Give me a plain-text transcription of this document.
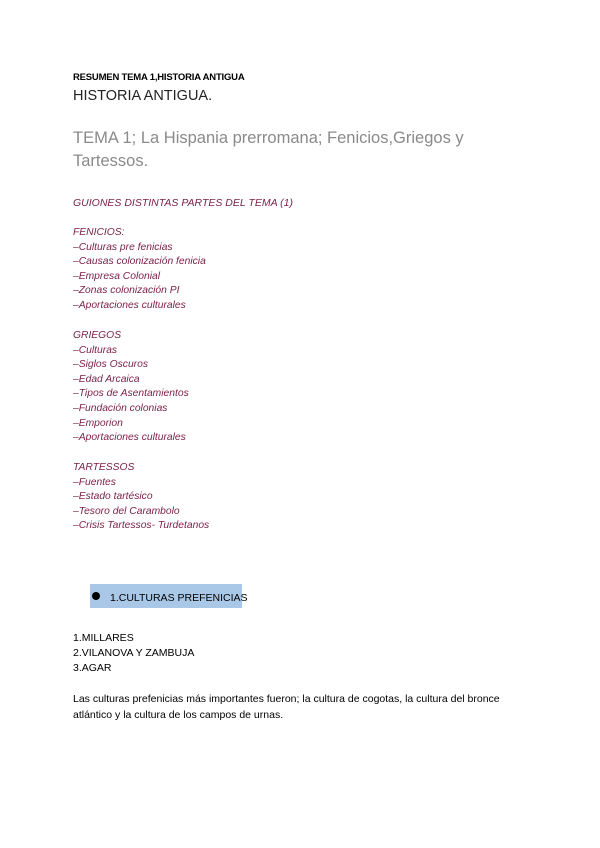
RESUMEN TEMA 1,HISTORIA ANTIGUA
HISTORIA ANTIGUA.
TEMA 1; La Hispania prerromana; Fenicios,Griegos y Tartessos.
GUIONES DISTINTAS PARTES DEL TEMA (1)
FENICIOS:
–Culturas pre fenicias
–Causas colonización fenicia
–Empresa Colonial
–Zonas colonización PI
–Aportaciones culturales
GRIEGOS
–Culturas
–Siglos Oscuros
–Edad Arcaica
–Tipos de Asentamientos
–Fundación colonias
–Emporion
–Aportaciones culturales
TARTESSOS
–Fuentes
–Estado tartésico
–Tesoro del Carambolo
–Crisis Tartessos- Turdetanos
1.CULTURAS PREFENICIAS
1.MILLARES
2.VILANOVA Y ZAMBUJA
3.AGAR
Las culturas prefenicias más importantes fueron; la cultura de cogotas, la cultura del bronce atlántico y la cultura de los campos de urnas.
